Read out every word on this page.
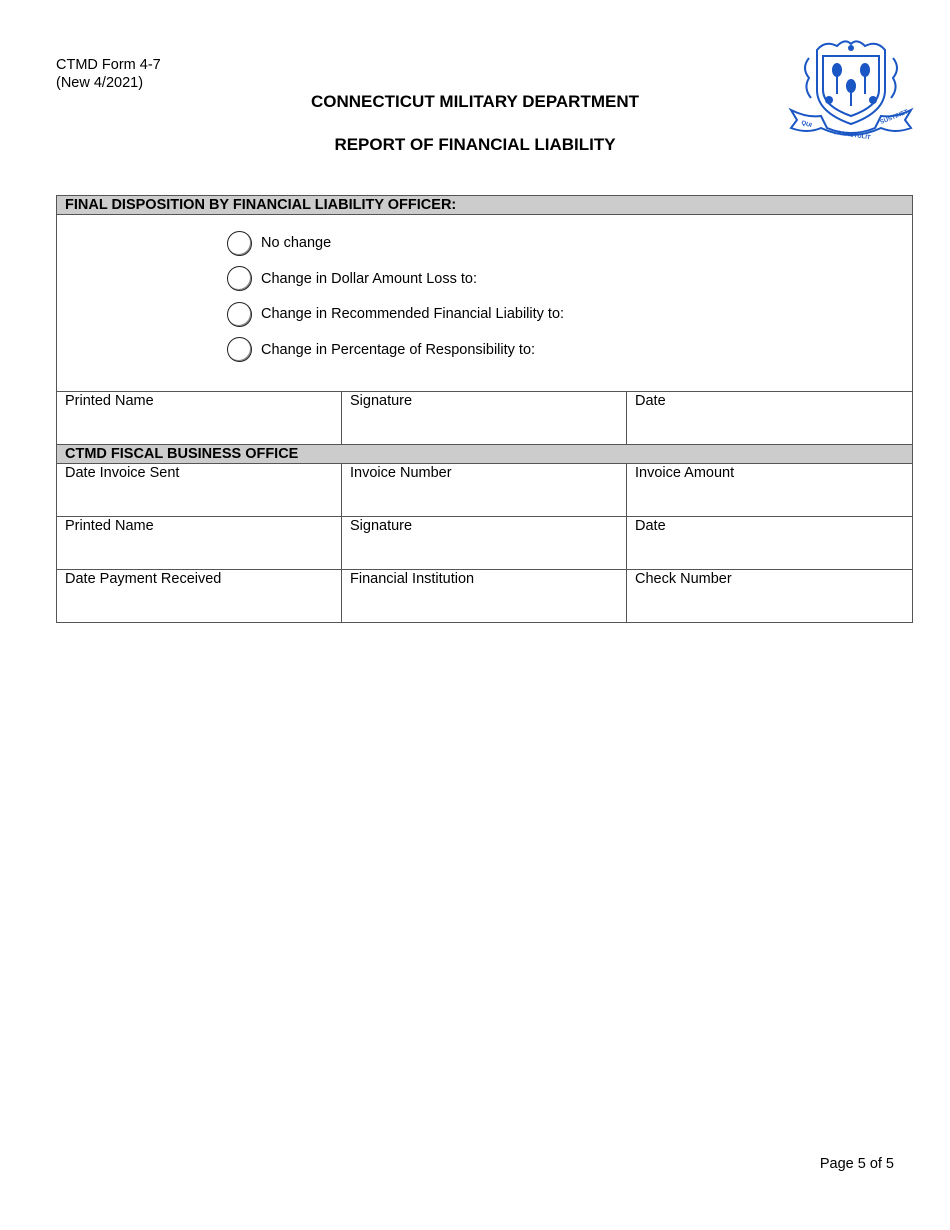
CTMD Form 4-7
(New 4/2021)
CONNECTICUT MILITARY DEPARTMENT
REPORT OF FINANCIAL LIABILITY
QUI
TRANSTULIT
SUSTINET
FINAL DISPOSITION BY FINANCIAL LIABILITY OFFICER:		

No change
Change in Dollar Amount Loss to:
Change in Recommended Financial Liability to:
Change in Percentage of Responsibility to:		

Printed Name	Signature	Date

CTMD FISCAL BUSINESS OFFICE		

Date Invoice Sent	Invoice Number	Invoice Amount

Printed Name	Signature	Date

Date Payment Received	Financial Institution	Check Number
Page 5 of 5
